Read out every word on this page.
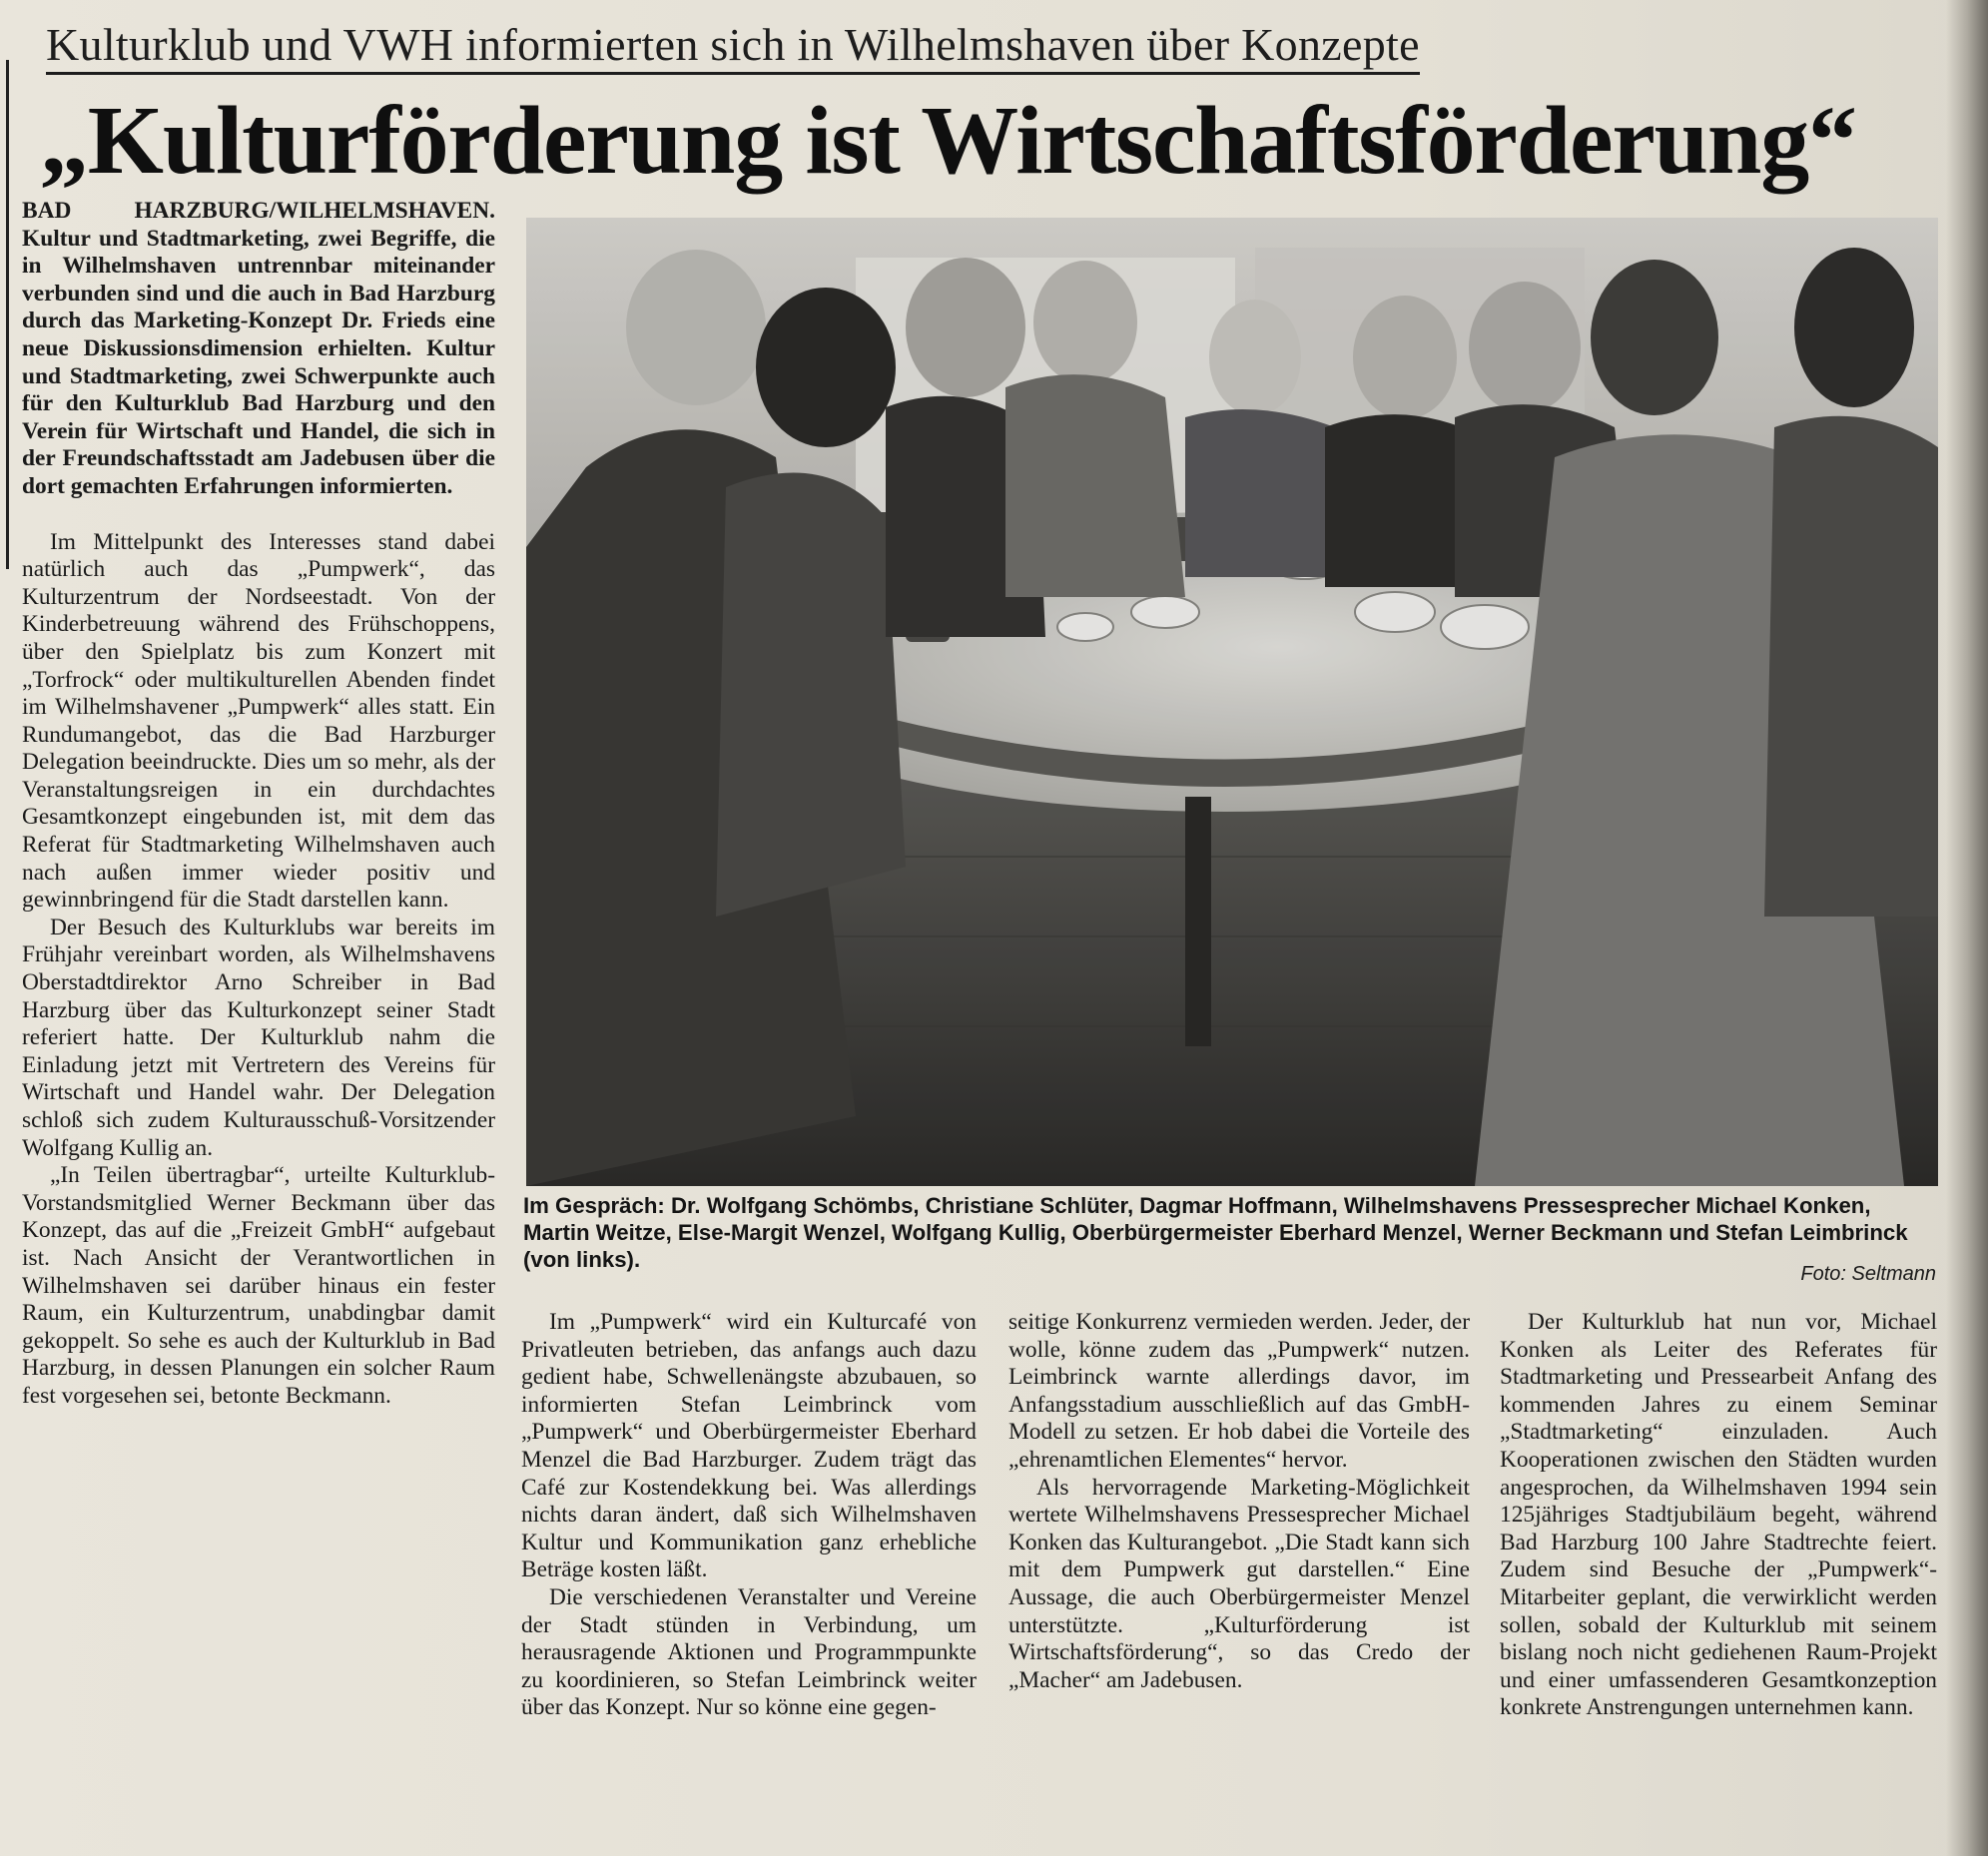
Kulturklub und VWH informierten sich in Wilhelmshaven über Konzepte
„Kulturförderung ist Wirtschaftsförderung“

BAD HARZBURG/WILHELMSHAVEN. Kultur und Stadtmarketing, zwei Begriffe, die in Wilhelmshaven untrennbar miteinander verbunden sind und die auch in Bad Harzburg durch das Marketing-Konzept Dr. Frieds eine neue Diskussionsdimension erhielten. Kultur und Stadtmarketing, zwei Schwerpunkte auch für den Kulturklub Bad Harzburg und den Verein für Wirtschaft und Handel, die sich in der Freundschaftsstadt am Jadebusen über die dort gemachten Erfahrungen informierten.

Im Mittelpunkt des Interesses stand dabei natürlich auch das „Pumpwerk“, das Kulturzentrum der Nordseestadt. Von der Kinderbetreuung während des Frühschoppens, über den Spielplatz bis zum Konzert mit „Torfrock“ oder multikulturellen Abenden findet im Wilhelmshavener „Pumpwerk“ alles statt. Ein Rundumangebot, das die Bad Harzburger Delegation beeindruckte. Dies um so mehr, als der Veranstaltungsreigen in ein durchdachtes Gesamtkonzept eingebunden ist, mit dem das Referat für Stadtmarketing Wilhelmshaven auch nach außen immer wieder positiv und gewinnbringend für die Stadt darstellen kann.

Der Besuch des Kulturklubs war bereits im Frühjahr vereinbart worden, als Wilhelmshavens Oberstadtdirektor Arno Schreiber in Bad Harzburg über das Kulturkonzept seiner Stadt referiert hatte. Der Kulturklub nahm die Einladung jetzt mit Vertretern des Vereins für Wirtschaft und Handel wahr. Der Delegation schloß sich zudem Kulturausschuß-Vorsitzender Wolfgang Kullig an.

„In Teilen übertragbar“, urteilte Kulturklub-Vorstandsmitglied Werner Beckmann über das Konzept, das auf die „Freizeit GmbH“ aufgebaut ist. Nach Ansicht der Verantwortlichen in Wilhelmshaven sei darüber hinaus ein fester Raum, ein Kulturzentrum, unabdingbar damit gekoppelt. So sehe es auch der Kulturklub in Bad Harzburg, in dessen Planungen ein solcher Raum fest vorgesehen sei, betonte Beckmann.

Im Gespräch: Dr. Wolfgang Schömbs, Christiane Schlüter, Dagmar Hoffmann, Wilhelmshavens Pressesprecher Michael Konken, Martin Weitze, Else-Margit Wenzel, Wolfgang Kullig, Oberbürgermeister Eberhard Menzel, Werner Beckmann und Stefan Leimbrinck (von links).
Foto: Seltmann

Im „Pumpwerk“ wird ein Kulturcafé von Privatleuten betrieben, das anfangs auch dazu gedient habe, Schwellenängste abzubauen, so informierten Stefan Leimbrinck vom „Pumpwerk“ und Oberbürgermeister Eberhard Menzel die Bad Harzburger. Zudem trägt das Café zur Kostendekkung bei. Was allerdings nichts daran ändert, daß sich Wilhelmshaven Kultur und Kommunikation ganz erhebliche Beträge kosten läßt.

Die verschiedenen Veranstalter und Vereine der Stadt stünden in Verbindung, um herausragende Aktionen und Programmpunkte zu koordinieren, so Stefan Leimbrinck weiter über das Konzept. Nur so könne eine gegen-

seitige Konkurrenz vermieden werden. Jeder, der wolle, könne zudem das „Pumpwerk“ nutzen. Leimbrinck warnte allerdings davor, im Anfangsstadium ausschließlich auf das GmbH-Modell zu setzen. Er hob dabei die Vorteile des „ehrenamtlichen Elementes“ hervor.

Als hervorragende Marketing-Möglichkeit wertete Wilhelmshavens Pressesprecher Michael Konken das Kulturangebot. „Die Stadt kann sich mit dem Pumpwerk gut darstellen.“ Eine Aussage, die auch Oberbürgermeister Menzel unterstützte. „Kulturförderung ist Wirtschaftsförderung“, so das Credo der „Macher“ am Jadebusen.

Der Kulturklub hat nun vor, Michael Konken als Leiter des Referates für Stadtmarketing und Pressearbeit Anfang des kommenden Jahres zu einem Seminar „Stadtmarketing“ einzuladen. Auch Kooperationen zwischen den Städten wurden angesprochen, da Wilhelmshaven 1994 sein 125jähriges Stadtjubiläum begeht, während Bad Harzburg 100 Jahre Stadtrechte feiert. Zudem sind Besuche der „Pumpwerk“-Mitarbeiter geplant, die verwirklicht werden sollen, sobald der Kulturklub mit seinem bislang noch nicht gediehenen Raum-Projekt und einer umfassenderen Gesamtkonzeption konkrete Anstrengungen unternehmen kann.
